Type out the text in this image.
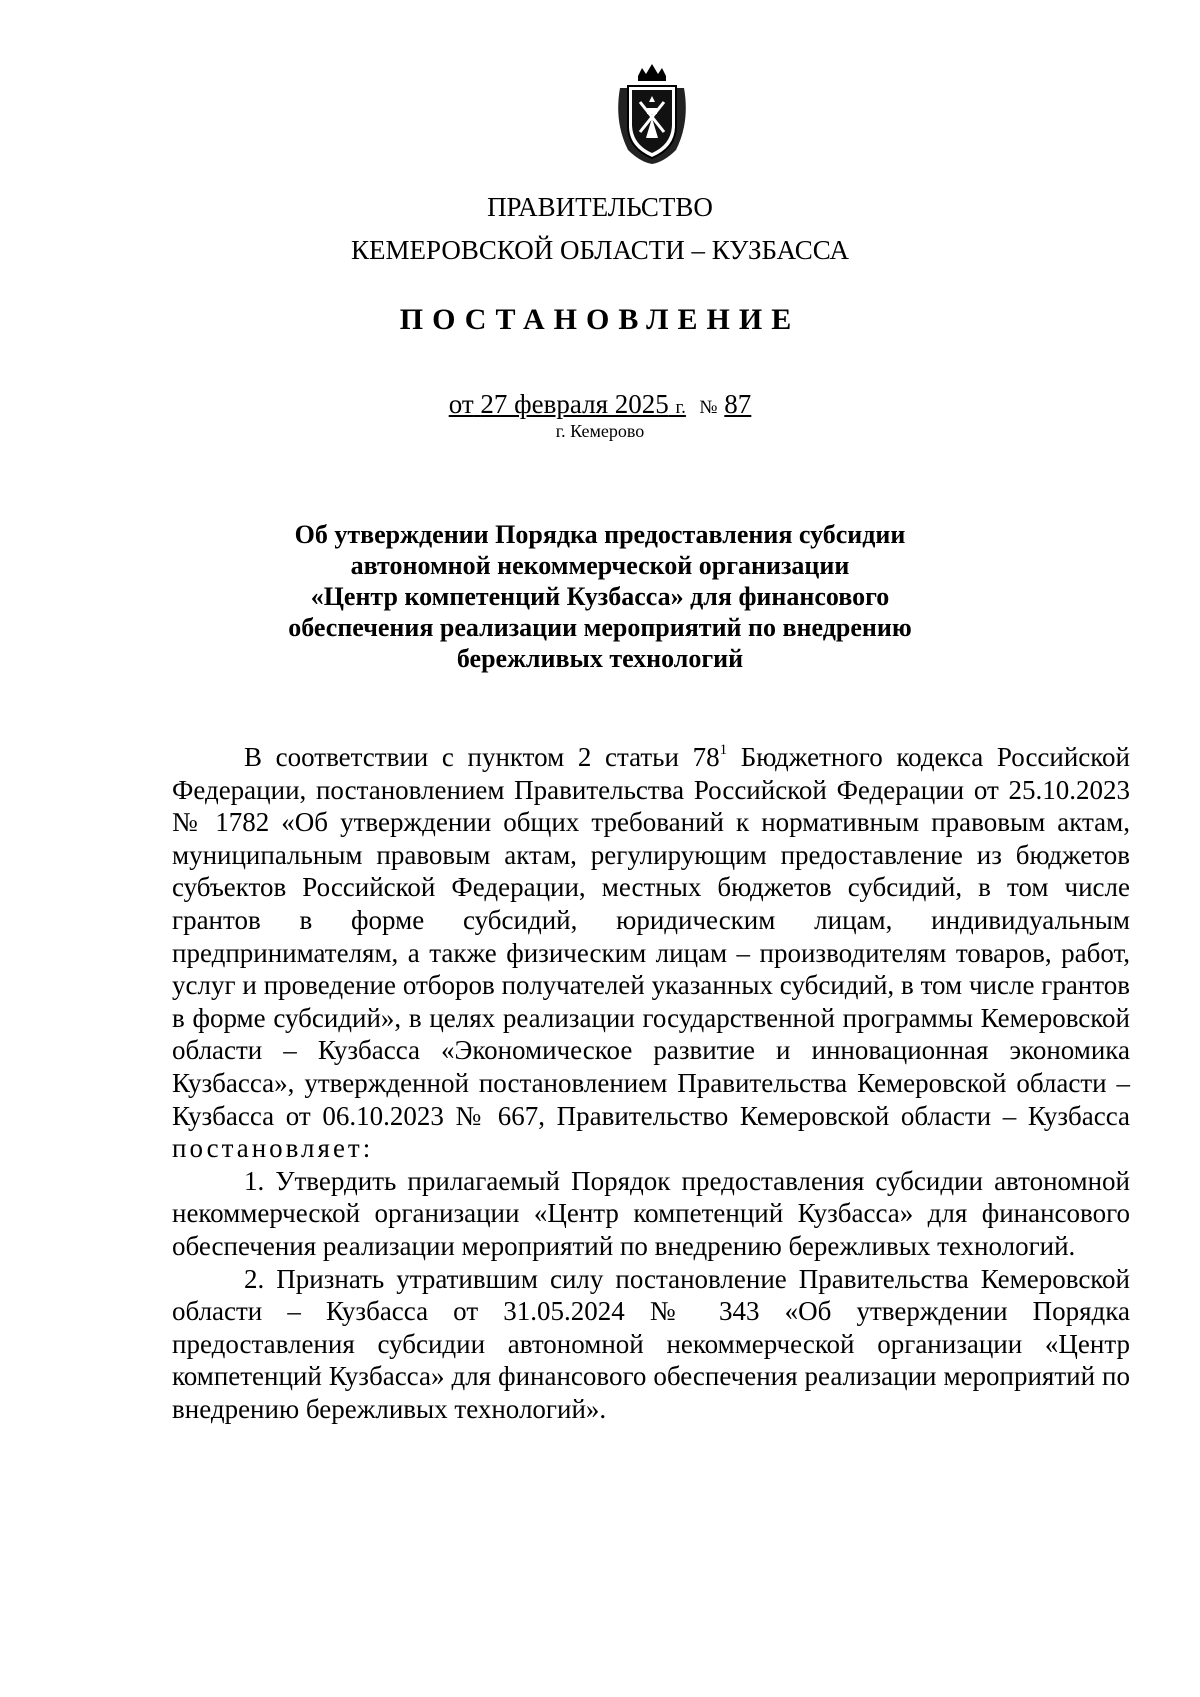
ПРАВИТЕЛЬСТВО
КЕМЕРОВСКОЙ ОБЛАСТИ – КУЗБАССА
ПОСТАНОВЛЕНИЕ
от 27 февраля 2025 г. № 87
г. Кемерово
Об утверждении Порядка предоставления субсидии
автономной некоммерческой организации
«Центр компетенций Кузбасса» для финансового
обеспечения реализации мероприятий по внедрению
бережливых технологий

В соответствии с пунктом 2 статьи $78^1$ Бюджетного кодекса Российской Федерации, постановлением Правительства Российской Федерации от 25.10.2023 № 1782 «Об утверждении общих требований к нормативным правовым актам, муниципальным правовым актам, регулирующим предоставление из бюджетов субъектов Российской Федерации, местных бюджетов субсидий, в том числе грантов в форме субсидий, юридическим лицам, индивидуальным предпринимателям, а также физическим лицам – производителям товаров, работ, услуг и проведение отборов получателей указанных субсидий, в том числе грантов в форме субсидий», в целях реализации государственной программы Кемеровской области – Кузбасса «Экономическое развитие и инновационная экономика Кузбасса», утвержденной постановлением Правительства Кемеровской области – Кузбасса от 06.10.2023 № 667, Правительство Кемеровской области – Кузбасса постановляет:

1. Утвердить прилагаемый Порядок предоставления субсидии автономной некоммерческой организации «Центр компетенций Кузбасса» для финансового обеспечения реализации мероприятий по внедрению бережливых технологий.

2. Признать утратившим силу постановление Правительства Кемеровской области – Кузбасса от 31.05.2024 № 343 «Об утверждении Порядка предоставления субсидии автономной некоммерческой организации «Центр компетенций Кузбасса» для финансового обеспечения реализации мероприятий по внедрению бережливых технологий».
